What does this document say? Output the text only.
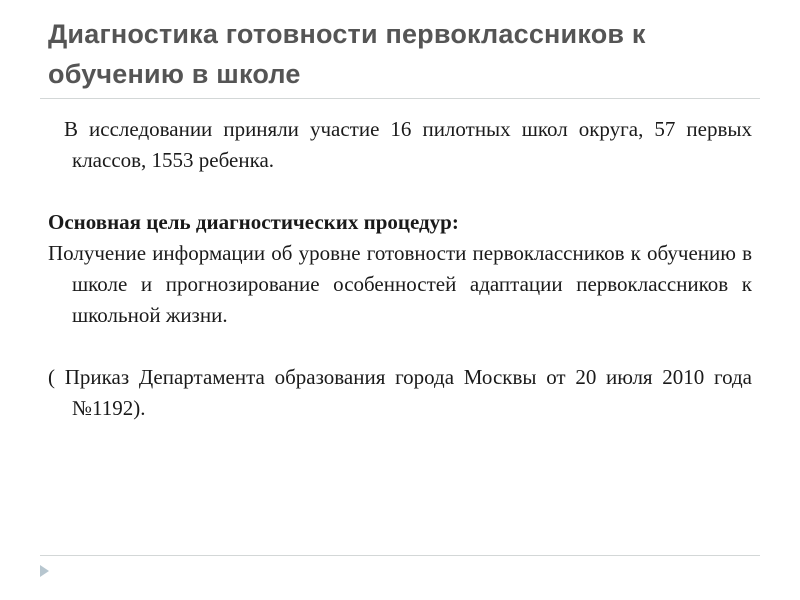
Диагностика готовности первоклассников к обучению в школе

В исследовании приняли участие 16 пилотных школ округа, 57 первых классов, 1553 ребенка.

Основная цель диагностических процедур:

Получение информации об уровне готовности первоклассников к обучению в школе и прогнозирование особенностей адаптации первоклассников к школьной жизни.

( Приказ Департамента образования города Москвы от 20 июля 2010 года №1192).
